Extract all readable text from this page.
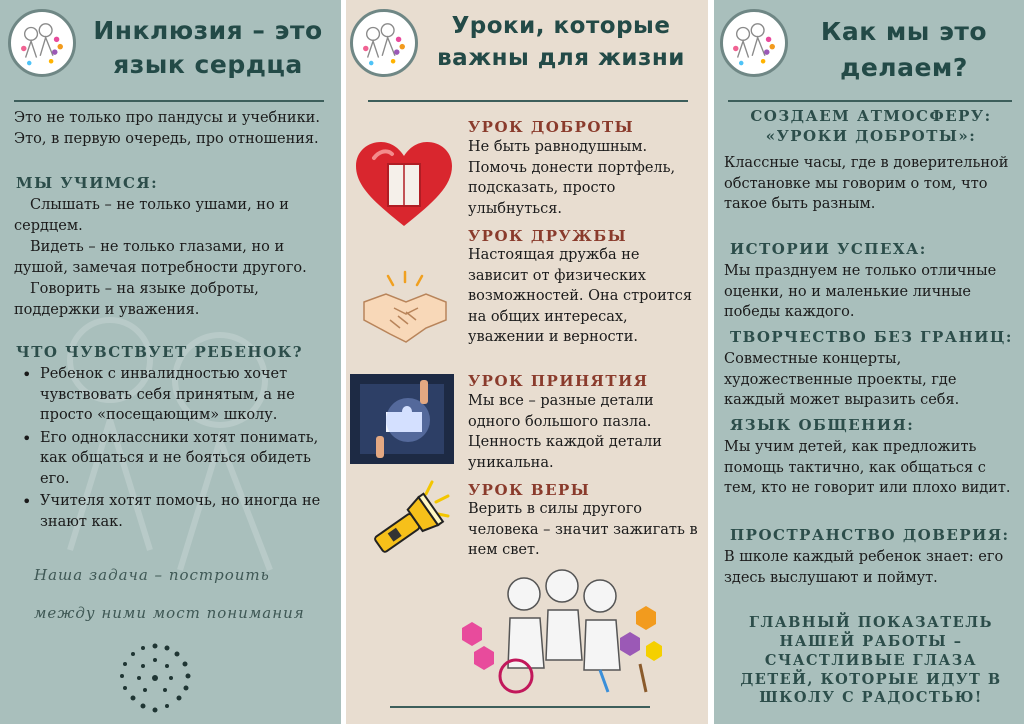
Инклюзия – это
язык сердца
Это не только про пандусы и учебники. Это, в первую очередь, про отношения.
МЫ УЧИМСЯ:
Слышать – не только ушами, но и сердцем.
Видеть – не только глазами, но и душой, замечая потребности другого.
Говорить – на языке доброты, поддержки и уважения.
ЧТО ЧУВСТВУЕТ РЕБЕНОК?
• Ребенок с инвалидностью хочет чувствовать себя принятым, а не просто «посещающим» школу.
• Его одноклассники хотят понимать, как общаться и не бояться обидеть его.
• Учителя хотят помочь, но иногда не знают как.
Наша задача – построить
между ними мост понимания
Уроки, которые
важны для жизни
УРОК ДОБРОТЫ
Не быть равнодушным. Помочь донести портфель, подсказать, просто улыбнуться.
УРОК ДРУЖБЫ
Настоящая дружба не зависит от физических возможностей. Она строится на общих интересах, уважении и верности.
УРОК ПРИНЯТИЯ
Мы все – разные детали одного большого пазла. Ценность каждой детали уникальна.
УРОК ВЕРЫ
Верить в силы другого человека – значит зажигать в нем свет.
Как мы это
делаем?
СОЗДАЕМ АТМОСФЕРУ: «УРОКИ ДОБРОТЫ»:
Классные часы, где в доверительной обстановке мы говорим о том, что такое быть разным.
ИСТОРИИ УСПЕХА:
Мы празднуем не только отличные оценки, но и маленькие личные победы каждого.
ТВОРЧЕСТВО БЕЗ ГРАНИЦ:
Совместные концерты, художественные проекты, где каждый может выразить себя.
ЯЗЫК ОБЩЕНИЯ:
Мы учим детей, как предложить помощь тактично, как общаться с тем, кто не говорит или плохо видит.
ПРОСТРАНСТВО ДОВЕРИЯ:
В школе каждый ребенок знает: его здесь выслушают и поймут.
ГЛАВНЫЙ ПОКАЗАТЕЛЬ НАШЕЙ РАБОТЫ – СЧАСТЛИВЫЕ ГЛАЗА ДЕТЕЙ, КОТОРЫЕ ИДУТ В ШКОЛУ С РАДОСТЬЮ!
